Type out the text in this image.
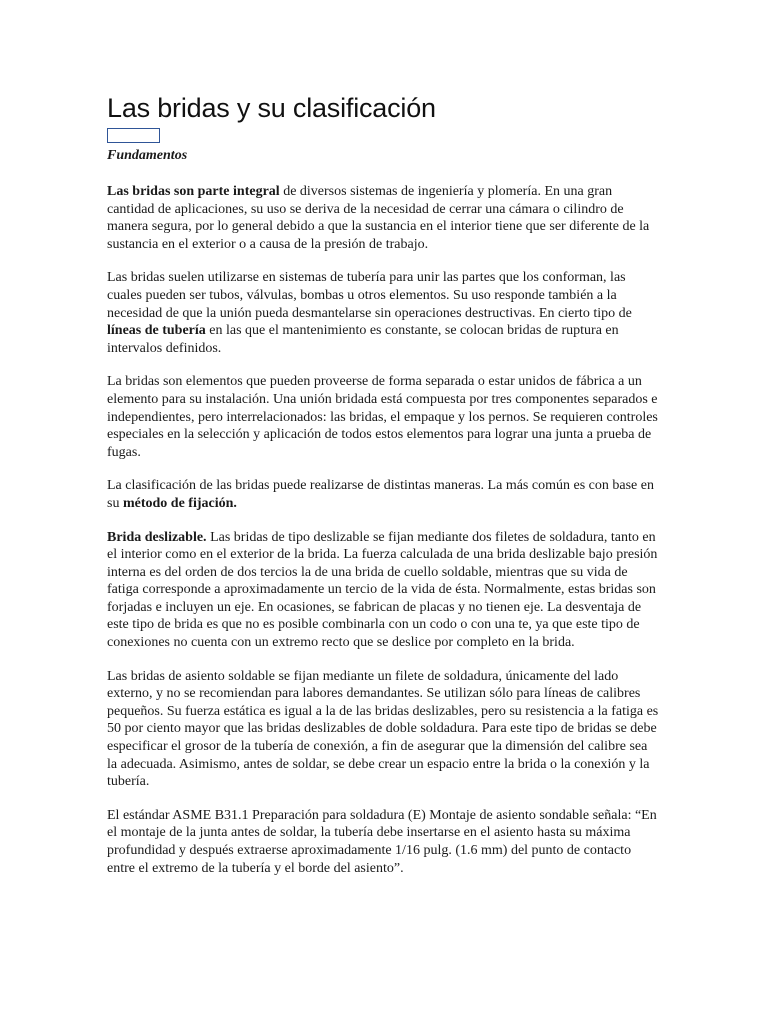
Las bridas y su clasificación
Fundamentos

Las bridas son parte integral de diversos sistemas de ingeniería y plomería. En una gran cantidad de aplicaciones, su uso se deriva de la necesidad de cerrar una cámara o cilindro de manera segura, por lo general debido a que la sustancia en el interior tiene que ser diferente de la sustancia en el exterior o a causa de la presión de trabajo.

Las bridas suelen utilizarse en sistemas de tubería para unir las partes que los conforman, las cuales pueden ser tubos, válvulas, bombas u otros elementos. Su uso responde también a la necesidad de que la unión pueda desmantelarse sin operaciones destructivas. En cierto tipo de líneas de tubería en las que el mantenimiento es constante, se colocan bridas de ruptura en intervalos definidos.

La bridas son elementos que pueden proveerse de forma separada o estar unidos de fábrica a un elemento para su instalación. Una unión bridada está compuesta por tres componentes separados e independientes, pero interrelacionados: las bridas, el empaque y los pernos. Se requieren controles especiales en la selección y aplicación de todos estos elementos para lograr una junta a prueba de fugas.

La clasificación de las bridas puede realizarse de distintas maneras. La más común es con base en su método de fijación.

Brida deslizable. Las bridas de tipo deslizable se fijan mediante dos filetes de soldadura, tanto en el interior como en el exterior de la brida. La fuerza calculada de una brida deslizable bajo presión interna es del orden de dos tercios la de una brida de cuello soldable, mientras que su vida de fatiga corresponde a aproximadamente un tercio de la vida de ésta. Normalmente, estas bridas son forjadas e incluyen un eje. En ocasiones, se fabrican de placas y no tienen eje. La desventaja de este tipo de brida es que no es posible combinarla con un codo o con una te, ya que este tipo de conexiones no cuenta con un extremo recto que se deslice por completo en la brida.

Las bridas de asiento soldable se fijan mediante un filete de soldadura, únicamente del lado externo, y no se recomiendan para labores demandantes. Se utilizan sólo para líneas de calibres pequeños. Su fuerza estática es igual a la de las bridas deslizables, pero su resistencia a la fatiga es 50 por ciento mayor que las bridas deslizables de doble soldadura. Para este tipo de bridas se debe especificar el grosor de la tubería de conexión, a fin de asegurar que la dimensión del calibre sea la adecuada. Asimismo, antes de soldar, se debe crear un espacio entre la brida o la conexión y la tubería.

El estándar ASME B31.1 Preparación para soldadura (E) Montaje de asiento sondable señala: “En el montaje de la junta antes de soldar, la tubería debe insertarse en el asiento hasta su máxima profundidad y después extraerse aproximadamente 1/16 pulg. (1.6 mm) del punto de contacto entre el extremo de la tubería y el borde del asiento”.
